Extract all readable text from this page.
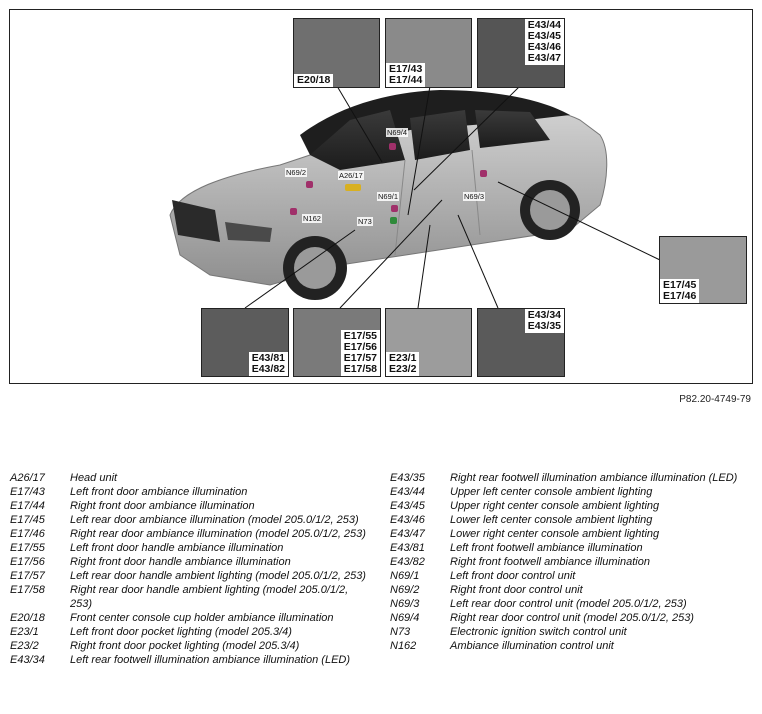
N69/4
N69/2	A26/17
N69/1	N69/3
N162	N73
E20/18
E17/43
E17/44
E43/44
E43/45
E43/46
E43/47
E17/45
E17/46
E43/81
E43/82
E17/55
E17/56
E17/57
E17/58
E23/1
E23/2
E43/34
E43/35
P82.20-4749-79
A26/17 Head unit
E17/43 Left front door ambiance illumination
E17/44 Right front door ambiance illumination
E17/45 Left rear door ambiance illumination (model 205.0/1/2, 253)
E17/46 Right rear door ambiance illumination (model 205.0/1/2, 253)
E17/55 Left front door handle ambiance illumination
E17/56 Right front door handle ambiance illumination
E17/57 Left rear door handle ambient lighting (model 205.0/1/2, 253)
E17/58 Right rear door handle ambient lighting (model 205.0/1/2, 253)
E20/18 Front center console cup holder ambiance illumination
E23/1	Left front door pocket lighting (model 205.3/4)
E23/2	Right front door pocket lighting (model 205.3/4)
E43/34 Left rear footwell illumination ambiance illumination (LED)
E43/35 Right rear footwell illumination ambiance illumination (LED)
E43/44 Upper left center console ambient lighting
E43/45 Upper right center console ambient lighting
E43/46 Lower left center console ambient lighting
E43/47 Lower right center console ambient lighting
E43/81 Left front footwell ambiance illumination
E43/82 Right front footwell ambiance illumination
N69/1	Left front door control unit
N69/2	Right front door control unit
N69/3	Left rear door control unit (model 205.0/1/2, 253)
N69/4	Right rear door control unit (model 205.0/1/2, 253)
N73	Electronic ignition switch control unit
N162	Ambiance illumination control unit
